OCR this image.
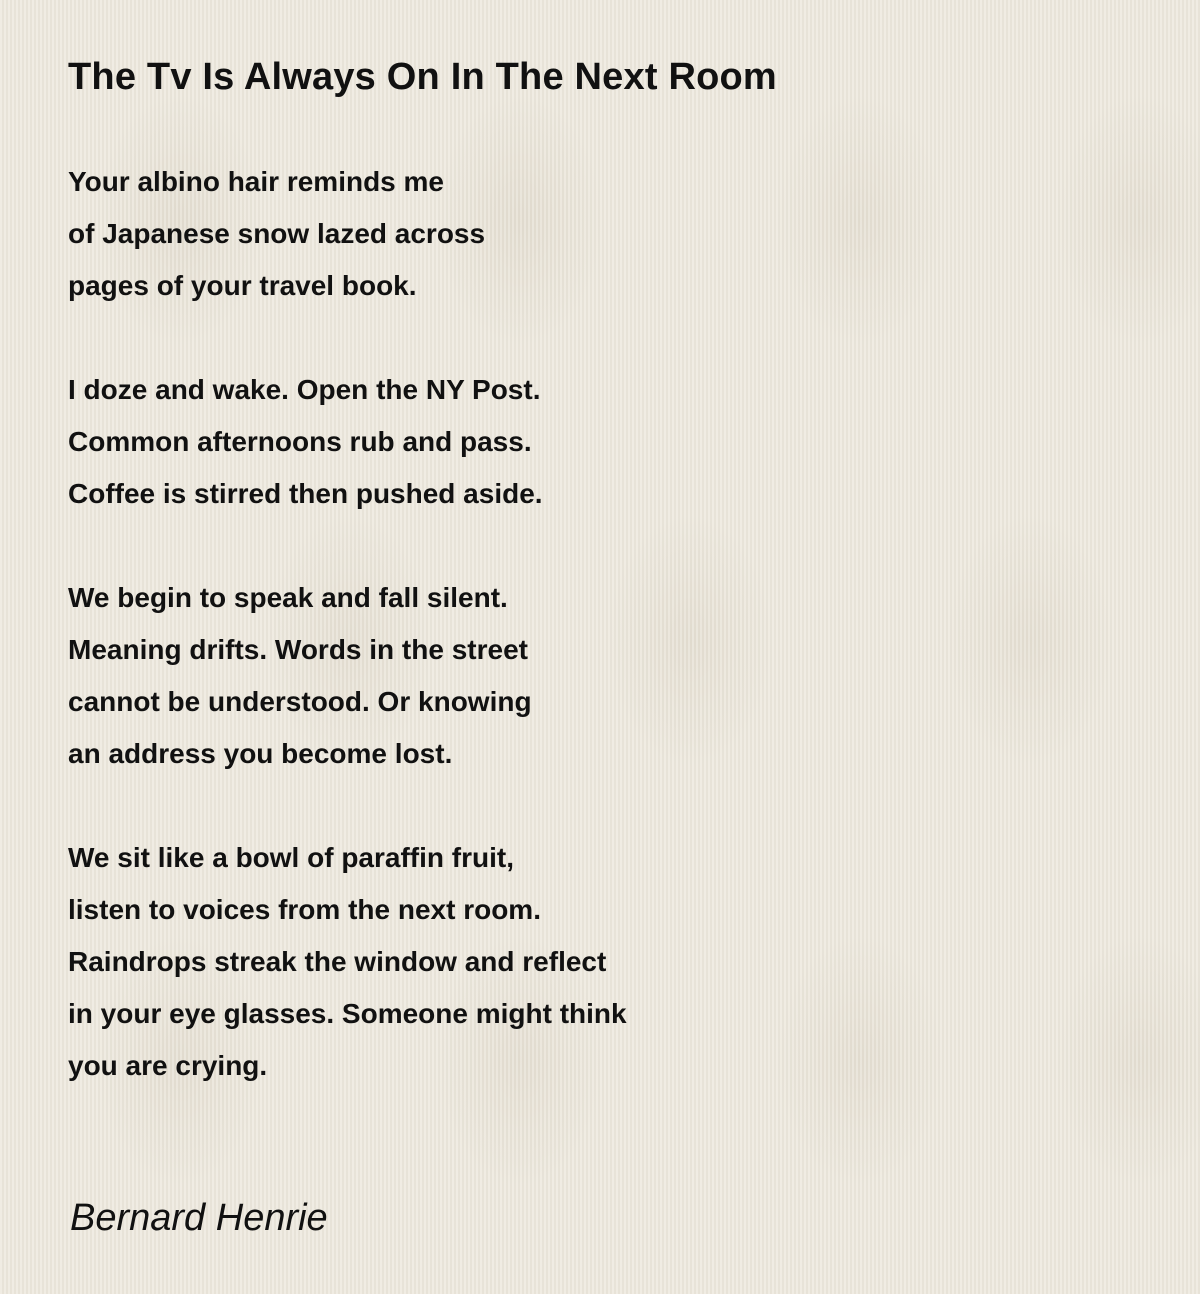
The Tv Is Always On In The Next Room
Your albino hair reminds me
of Japanese snow lazed across
pages of your travel book.
I doze and wake. Open the NY Post.
Common afternoons rub and pass.
Coffee is stirred then pushed aside.
We begin to speak and fall silent.
Meaning drifts. Words in the street
cannot be understood. Or knowing
an address you become lost.
We sit like a bowl of paraffin fruit,
listen to voices from the next room.
Raindrops streak the window and reflect
in your eye glasses. Someone might think
you are crying.
Bernard Henrie
